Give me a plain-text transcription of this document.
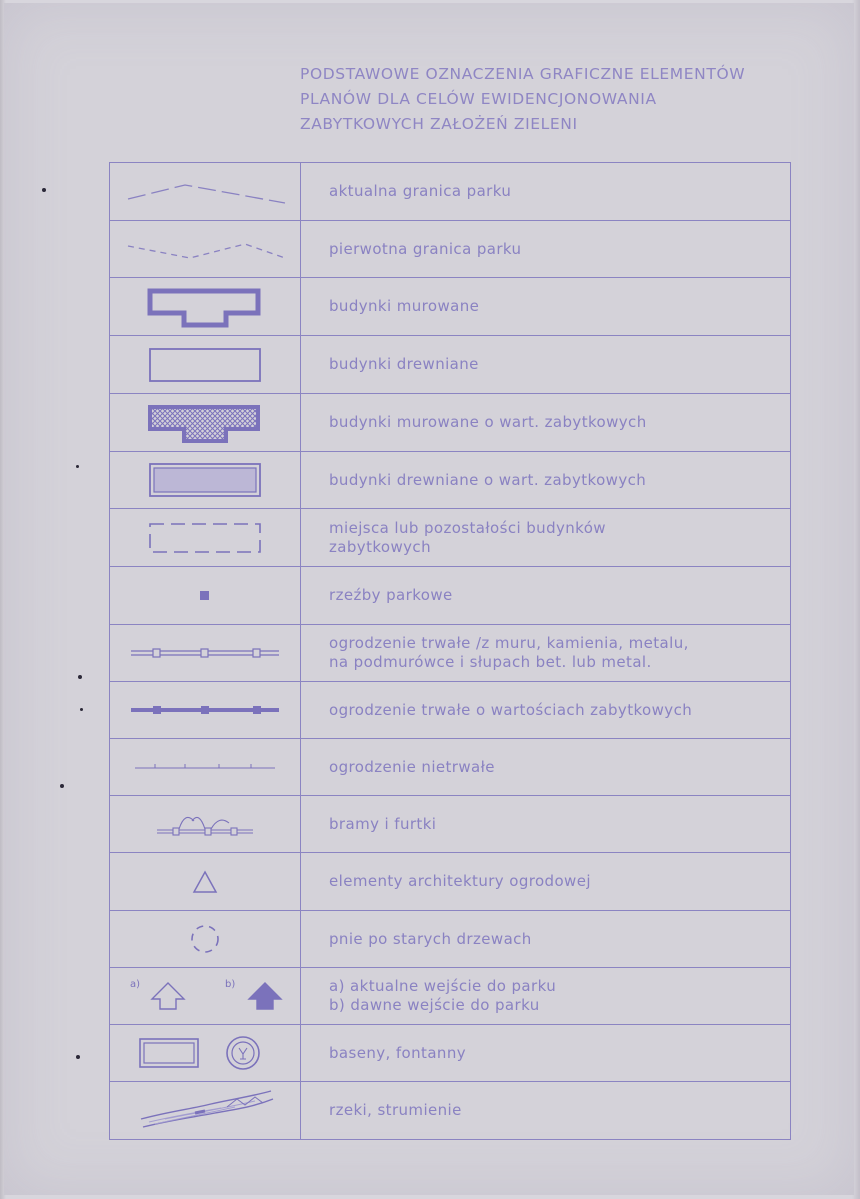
PODSTAWOWE OZNACZENIA GRAFICZNE ELEMENTÓW
PLANÓW DLA CELÓW EWIDENCJONOWANIA
ZABYTKOWYCH ZAŁOŻEŃ ZIELENI

aktualna granica parku

pierwotna granica parku

budynki murowane

budynki drewniane

budynki murowane o wart. zabytkowych

budynki drewniane o wart. zabytkowych

miejsca lub pozostałości budynków
zabytkowych

rzeźby parkowe

ogrodzenie trwałe /z muru, kamienia, metalu,
na podmurówce i słupach bet. lub metal.

ogrodzenie trwałe o wartościach zabytkowych

ogrodzenie nietrwałe

bramy i furtki

elementy architektury ogrodowej

pnie po starych drzewach

a) b)	a) aktualne wejście do parku
b) dawne wejście do parku

baseny, fontanny

rzeki, strumienie
